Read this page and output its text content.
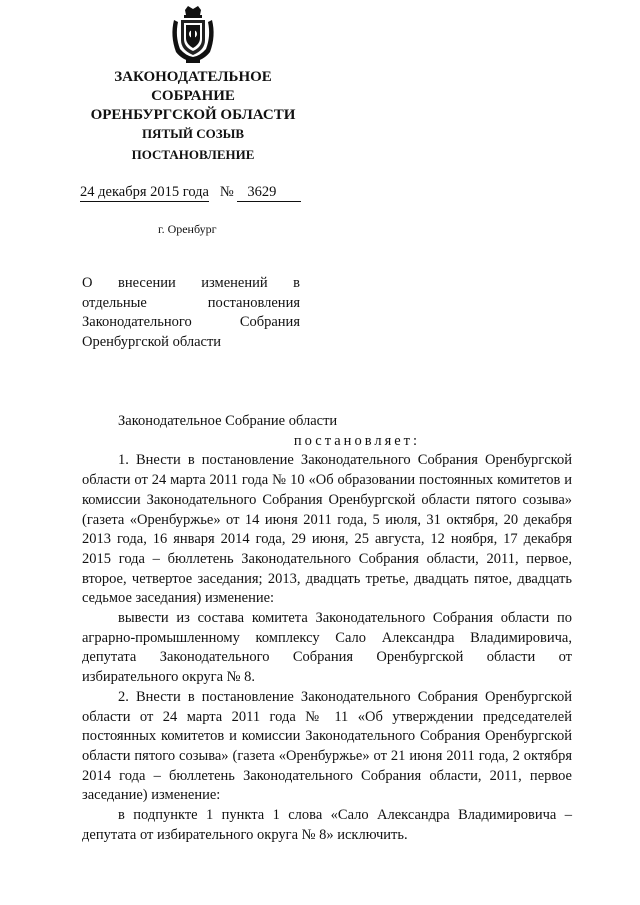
ЗАКОНОДАТЕЛЬНОЕ
СОБРАНИЕ
ОРЕНБУРГСКОЙ ОБЛАСТИ
ПЯТЫЙ СОЗЫВ
ПОСТАНОВЛЕНИЕ
24 декабря 2015 года № 3629
г. Оренбург
О внесении изменений в отдельные постановления Законодательного Собрания Оренбургской области

Законодательное Собрание области

постановляет:

1. Внести в постановление Законодательного Собрания Оренбургской области от 24 марта 2011 года № 10 «Об образовании постоянных комитетов и комиссии Законодательного Собрания Оренбургской области пятого созыва» (газета «Оренбуржье» от 14 июня 2011 года, 5 июля, 31 октября, 20 декабря 2013 года, 16 января 2014 года, 29 июня, 25 августа, 12 ноября, 17 декабря 2015 года – бюллетень Законодательного Собрания области, 2011, первое, второе, четвертое заседания; 2013, двадцать третье, двадцать пятое, двадцать седьмое заседания) изменение:

вывести из состава комитета Законодательного Собрания области по аграрно-промышленному комплексу Сало Александра Владимировича, депутата Законодательного Собрания Оренбургской области от избирательного округа № 8.

2. Внести в постановление Законодательного Собрания Оренбургской области от 24 марта 2011 года № 11 «Об утверждении председателей постоянных комитетов и комиссии Законодательного Собрания Оренбургской области пятого созыва» (газета «Оренбуржье» от 21 июня 2011 года, 2 октября 2014 года – бюллетень Законодательного Собрания области, 2011, первое заседание) изменение:

в подпункте 1 пункта 1 слова «Сало Александра Владимировича – депутата от избирательного округа № 8» исключить.
